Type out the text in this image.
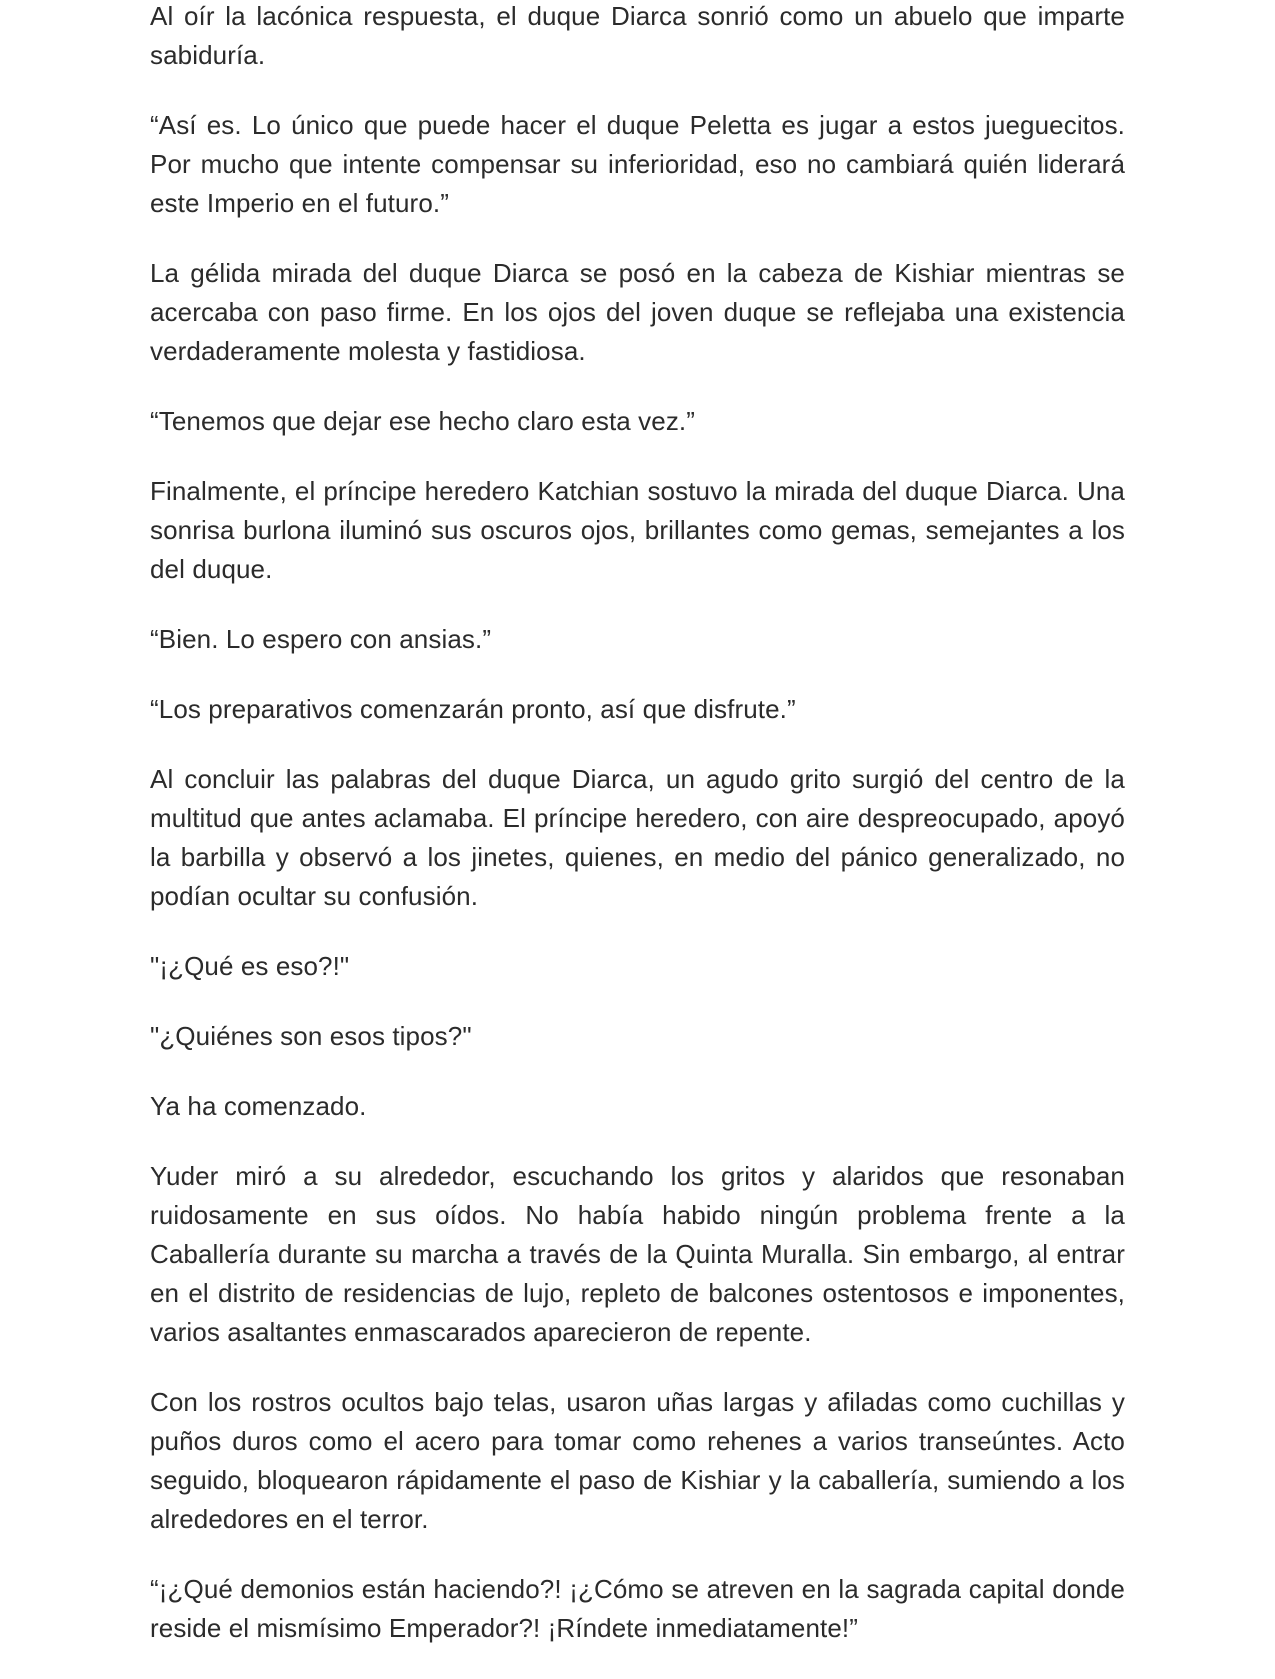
Al oír la lacónica respuesta, el duque Diarca sonrió como un abuelo que imparte sabiduría.

“Así es. Lo único que puede hacer el duque Peletta es jugar a estos jueguecitos. Por mucho que intente compensar su inferioridad, eso no cambiará quién liderará este Imperio en el futuro.”

La gélida mirada del duque Diarca se posó en la cabeza de Kishiar mientras se acercaba con paso firme. En los ojos del joven duque se reflejaba una existencia verdaderamente molesta y fastidiosa.

“Tenemos que dejar ese hecho claro esta vez.”

Finalmente, el príncipe heredero Katchian sostuvo la mirada del duque Diarca. Una sonrisa burlona iluminó sus oscuros ojos, brillantes como gemas, semejantes a los del duque.

“Bien. Lo espero con ansias.”

“Los preparativos comenzarán pronto, así que disfrute.”

Al concluir las palabras del duque Diarca, un agudo grito surgió del centro de la multitud que antes aclamaba. El príncipe heredero, con aire despreocupado, apoyó la barbilla y observó a los jinetes, quienes, en medio del pánico generalizado, no podían ocultar su confusión.

"¡¿Qué es eso?!"

"¿Quiénes son esos tipos?"

Ya ha comenzado.

Yuder miró a su alrededor, escuchando los gritos y alaridos que resonaban ruidosamente en sus oídos. No había habido ningún problema frente a la Caballería durante su marcha a través de la Quinta Muralla. Sin embargo, al entrar en el distrito de residencias de lujo, repleto de balcones ostentosos e imponentes, varios asaltantes enmascarados aparecieron de repente.

Con los rostros ocultos bajo telas, usaron uñas largas y afiladas como cuchillas y puños duros como el acero para tomar como rehenes a varios transeúntes. Acto seguido, bloquearon rápidamente el paso de Kishiar y la caballería, sumiendo a los alrededores en el terror.

“¡¿Qué demonios están haciendo?! ¡¿Cómo se atreven en la sagrada capital donde reside el mismísimo Emperador?! ¡Ríndete inmediatamente!”
